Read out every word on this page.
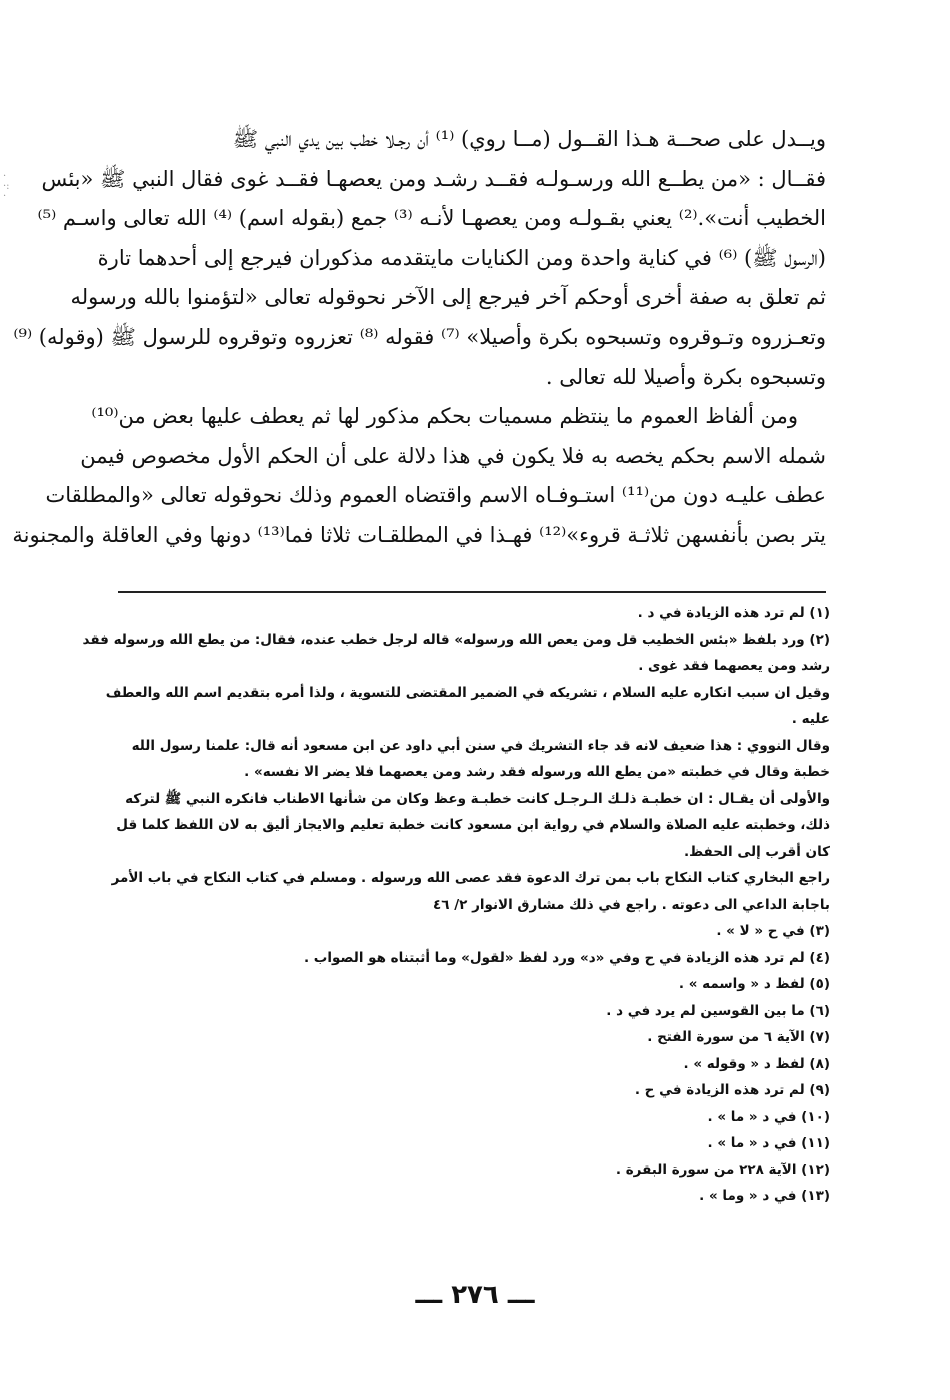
·
·:
·
ويــدل على صحــة هـذا القــول (مــا روي) ⁽¹⁾ أن رجـلا خطب بين يدي النبي ﷺ
فقــال : «من يطــع الله ورسـولـه فقــد رشـد ومن يعصهـا فقــد غوى فقال النبي ﷺ «بئس
الخطيب أنت».⁽²⁾ يعني بقـولـه ومن يعصهـا لأنـه ⁽³⁾ جمع (بقوله اسم) ⁽⁴⁾ الله تعالى واسـم ⁽⁵⁾
(الرسول ﷺ) ⁽⁶⁾ في كناية واحدة ومن الكنايات مايتقدمه مذكوران فيرجع إلى أحدهما تارة
ثم تعلق به صفة أخرى أوحكم آخر فيرجع إلى الآخر نحوقوله تعالى «لتؤمنوا بالله ورسوله
وتعـزروه وتـوقروه وتسبحوه بكرة وأصيلا» ⁽⁷⁾ فقوله ⁽⁸⁾ تعزروه وتوقروه للرسول ﷺ (وقوله) ⁽⁹⁾
وتسبحوه بكرة وأصيلا لله تعالى .
ومن ألفاظ العموم ما ينتظم مسميات بحكم مذكور لها ثم يعطف عليها بعض من⁽¹⁰⁾
شمله الاسم بحكم يخصه به فلا يكون في هذا دلالة على أن الحكم الأول مخصوص فيمن
عطف عليـه دون من⁽¹¹⁾ استـوفـاه الاسم واقتضاه العموم وذلك نحوقوله تعالى «والمطلقات
يتر بصن بأنفسهن ثلاثـة قروء»⁽¹²⁾ فهـذا في المطلقـات ثلاثا فما⁽¹³⁾ دونها وفي العاقلة والمجنونة
(١) لم ترد هذه الزيادة في د .
(٢) ورد بلفظ «بئس الخطيب قل ومن يعص الله ورسوله» قاله لرجل خطب عنده، فقال: من يطع الله ورسوله فقد
رشد ومن يعصهما فقد غوى .
وقيل ان سبب انكاره عليه السلام ، تشريكه في الضمير المقتضى للتسوية ، ولذا أمره بتقديم اسم الله والعطف
عليه .
وقال النووي : هذا ضعيف لانه قد جاء التشريك في سنن أبي داود عن ابن مسعود أنه قال: علمنا رسول الله
خطبة وقال في خطبته «من يطع الله ورسوله فقد رشد ومن يعصهما فلا يضر الا نفسه» .
والأولى أن يقـال : ان خطبـة ذلـك الـرجـل كانت خطبـة وعظ وكان من شأنها الاطناب فانكره النبي ﷺ لتركه
ذلك، وخطبته عليه الصلاة والسلام في رواية ابن مسعود كانت خطبة تعليم والايجاز أليق به لان اللفظ كلما قل
كان أقرب إلى الحفظ.
راجع البخاري كتاب النكاح باب بمن ترك الدعوة فقد عصى الله ورسوله . ومسلم في كتاب النكاح في باب الأمر
باجابة الداعي الى دعوته . راجع في ذلك مشارق الانوار ٢/ ٤٦
(٣) في ح « لا » .
(٤) لم ترد هذه الزيادة في ح وفي «د» ورد لفظ «لقول» وما أثبتناه هو الصواب .
(٥) لفظ د « واسمه » .
(٦) ما بين القوسين لم يرد في د .
(٧) الآية ٦ من سورة الفتح .
(٨) لفظ د « وقوله » .
(٩) لم ترد هذه الزيادة في ح .
(١٠) في د « ما » .
(١١) في د « ما » .
(١٢) الآية ٢٢٨ من سورة البقرة .
(١٣) في د « وما » .
ـــ ٢٧٦ ـــ
